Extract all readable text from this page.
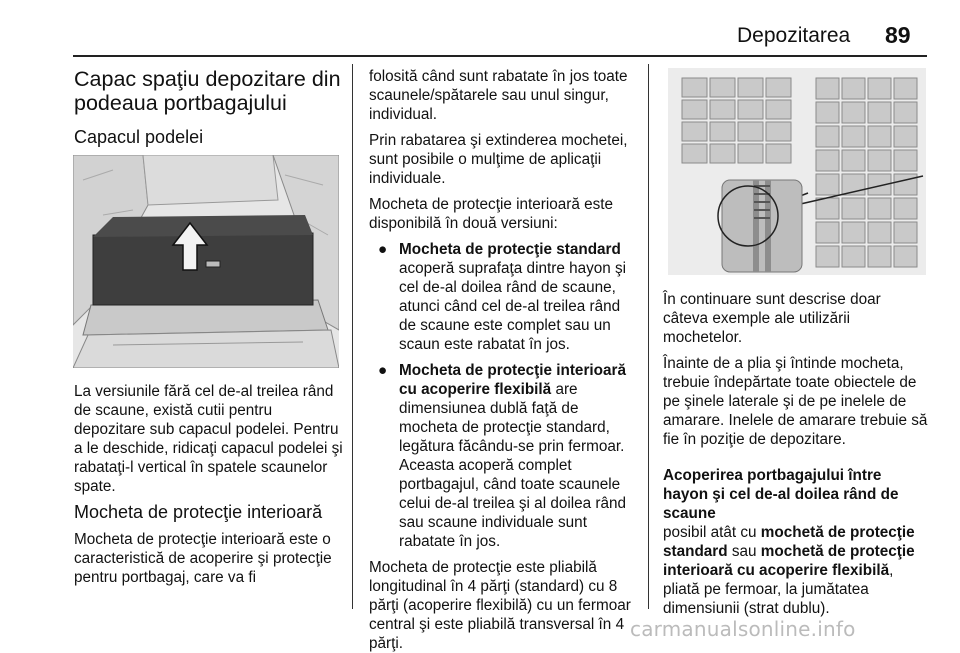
Depozitarea 89
Capac spaţiu depozitare din podeaua portbagajului
Capacul podelei
La versiunile fără cel de-al treilea rând de scaune, există cutii pentru depozitare sub capacul podelei. Pentru a le deschide, ridicaţi capacul podelei şi rabataţi-l vertical în spatele scaunelor spate.
Mocheta de protecţie interioară
Mocheta de protecţie interioară este o caracteristică de acoperire şi protecţie pentru portbagaj, care va fi

folosită când sunt rabatate în jos toate scaunele/spătarele sau unul singur, individual.

Prin rabatarea şi extinderea mochetei, sunt posibile o mulţime de aplicaţii individuale.

Mocheta de protecţie interioară este disponibilă în două versiuni:

● Mocheta de protecţie standard acoperă suprafaţa dintre hayon şi cel de-al doilea rând de scaune, atunci când cel de-al treilea rând de scaune este complet sau un scaun este rabatat în jos.
● Mocheta de protecţie interioară cu acoperire flexibilă are dimensiunea dublă faţă de mocheta de protecţie standard, legătura făcându-se prin fermoar. Aceasta acoperă complet portbagajul, când toate scaunele celui de-al treilea şi al doilea rând sau scaune individuale sunt rabatate în jos.

Mocheta de protecţie este pliabilă longitudinal în 4 părţi (standard) cu 8 părţi (acoperire flexibilă) cu un fermoar central şi este pliabilă transversal în 4 părţi.

În continuare sunt descrise doar câteva exemple ale utilizării mochetelor.

Înainte de a plia şi întinde mocheta, trebuie îndepărtate toate obiectele de pe şinele laterale şi de pe inelele de amarare. Inelele de amarare trebuie să fie în poziţie de depozitare.

Acoperirea portbagajului între hayon şi cel de-al doilea rând de scaune

posibil atât cu mochetă de protecţie standard sau mochetă de protecţie interioară cu acoperire flexibilă, pliată pe fermoar, la jumătatea dimensiunii (strat dublu).

carmanualsonline.info
